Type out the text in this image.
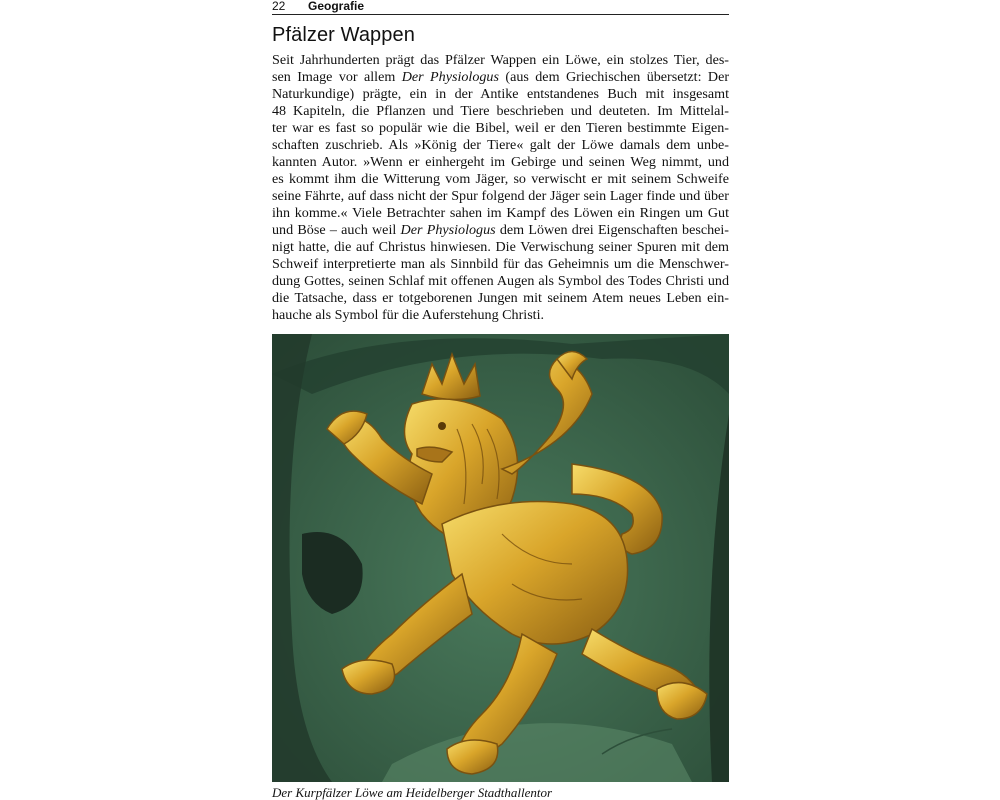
22	Geografie
Pfälzer Wappen

Seit Jahrhunderten prägt das Pfälzer Wappen ein Löwe, ein stolzes Tier, des-
sen Image vor allem Der Physiologus (aus dem Griechischen übersetzt: Der
Naturkundige) prägte, ein in der Antike entstandenes Buch mit insgesamt
48 Kapiteln, die Pflanzen und Tiere beschrieben und deuteten. Im Mittelal-
ter war es fast so populär wie die Bibel, weil er den Tieren bestimmte Eigen-
schaften zuschrieb. Als »König der Tiere« galt der Löwe damals dem unbe-
kannten Autor. »Wenn er einhergeht im Gebirge und seinen Weg nimmt, und
es kommt ihm die Witterung vom Jäger, so verwischt er mit seinem Schweife
seine Fährte, auf dass nicht der Spur folgend der Jäger sein Lager finde und über
ihn komme.« Viele Betrachter sahen im Kampf des Löwen ein Ringen um Gut
und Böse – auch weil Der Physiologus dem Löwen drei Eigenschaften beschei-
nigt hatte, die auf Christus hinwiesen. Die Verwischung seiner Spuren mit dem
Schweif interpretierte man als Sinnbild für das Geheimnis um die Menschwer-
dung Gottes, seinen Schlaf mit offenen Augen als Symbol des Todes Christi und
die Tatsache, dass er totgeborenen Jungen mit seinem Atem neues Leben ein-
hauche als Symbol für die Auferstehung Christi.

Der Kurpfälzer Löwe am Heidelberger Stadthallentor
